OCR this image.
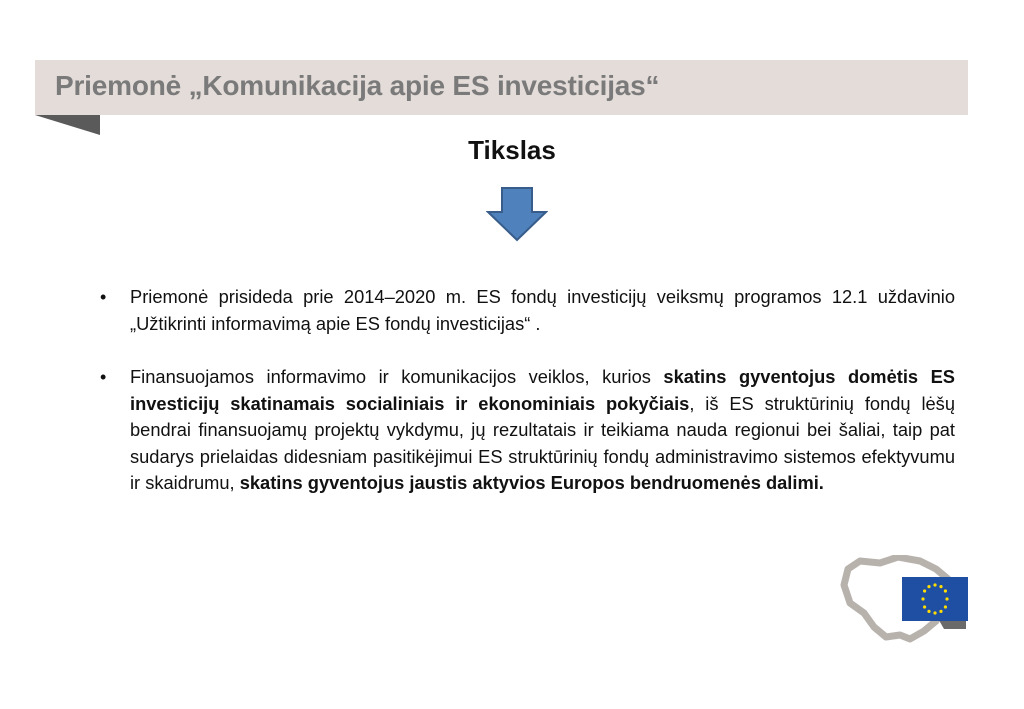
Priemonė „Komunikacija apie ES investicijas“
Tikslas
• Priemonė prisideda prie 2014–2020 m. ES fondų investicijų veiksmų programos 12.1 uždavinio „Užtikrinti informavimą apie ES fondų investicijas“ .
• Finansuojamos informavimo ir komunikacijos veiklos, kurios skatins gyventojus domėtis ES investicijų skatinamais socialiniais ir ekonominiais pokyčiais, iš ES struktūrinių fondų lėšų bendrai finansuojamų projektų vykdymu, jų rezultatais ir teikiama nauda regionui bei šaliai, taip pat sudarys prielaidas didesniam pasitikėjimui ES struktūrinių fondų administravimo sistemos efektyvumu ir skaidrumu, skatins gyventojus jaustis aktyvios Europos bendruomenės dalimi.
